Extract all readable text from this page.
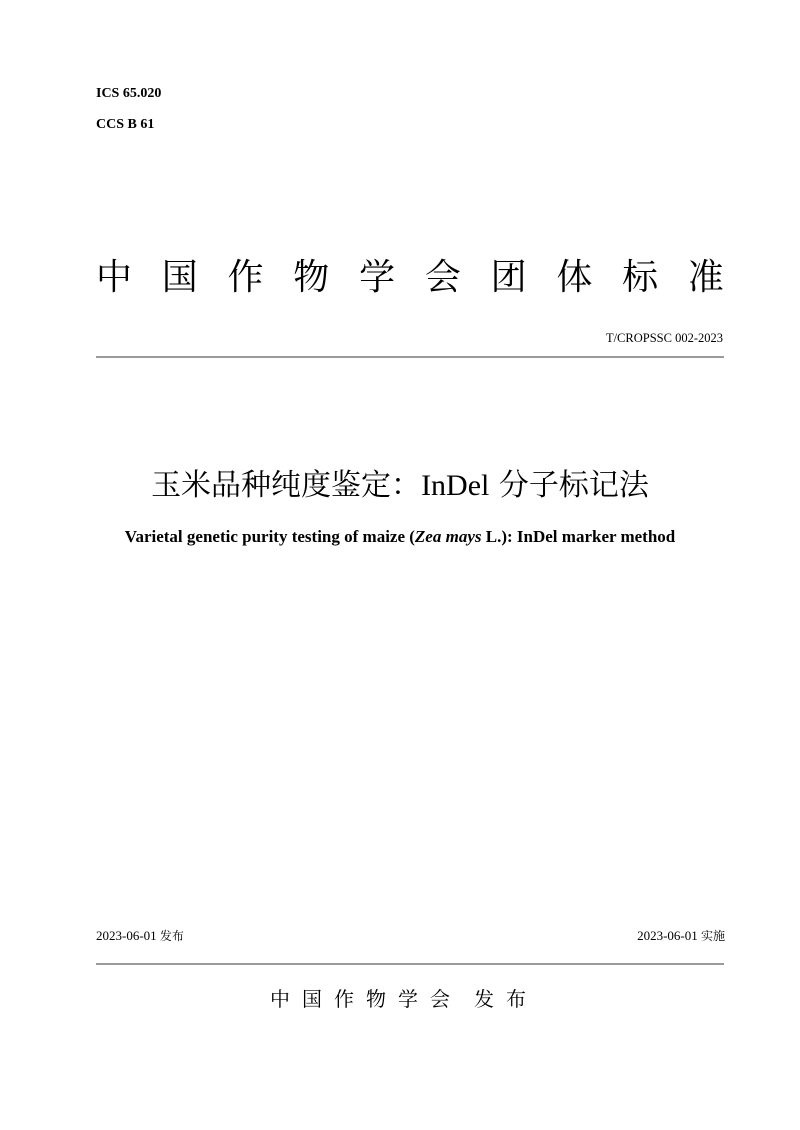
ICS 65.020
CCS B 61
中 国 作 物 学 会 团 体 标 准
T/CROPSSC 002-2023
玉米品种纯度鉴定：InDel 分子标记法
Varietal genetic purity testing of maize (Zea mays L.): InDel marker method
2023-06-01 发布	2023-06-01 实施
中国作物学会 发布
